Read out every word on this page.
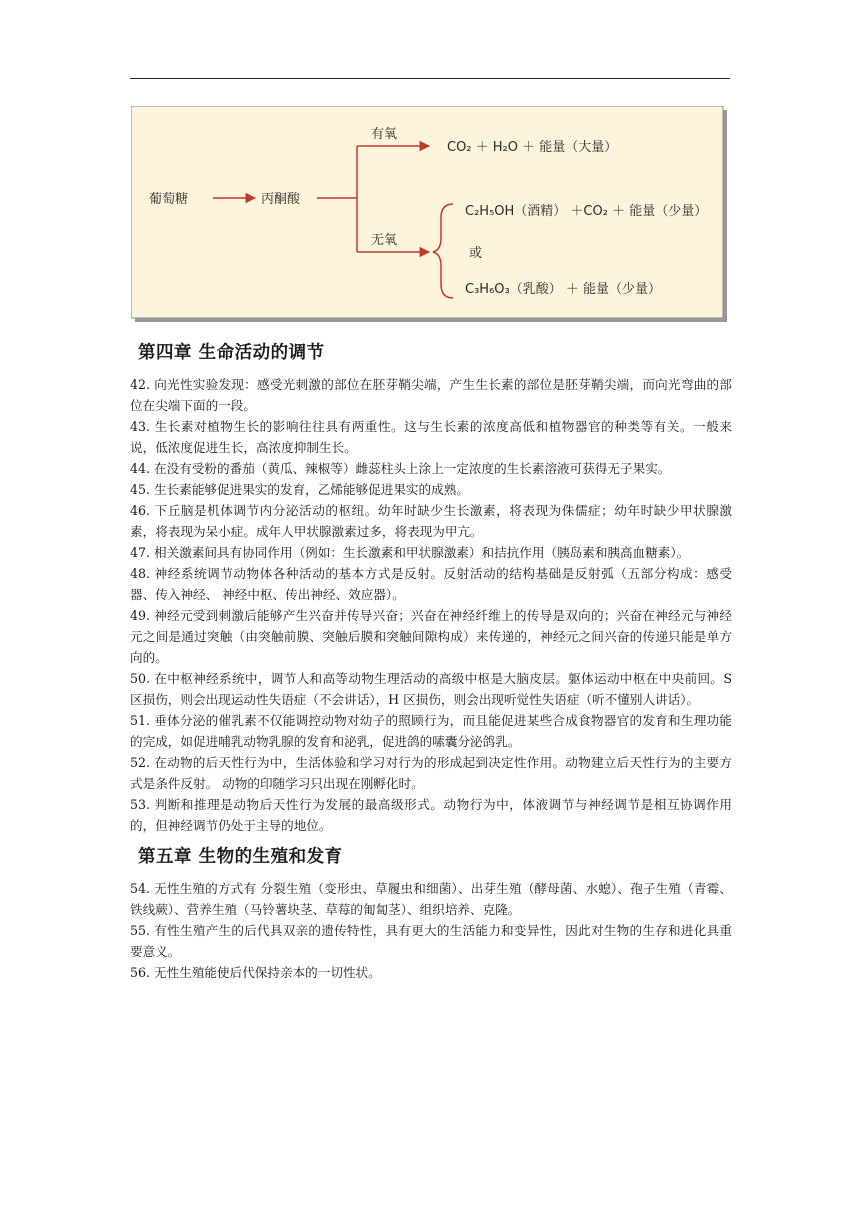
葡萄糖	丙酮酸
有氧
无氧
CO₂ ＋ H₂O ＋ 能量（大量）
C₂H₅OH（酒精） ＋CO₂ ＋ 能量（少量）
或
C₃H₆O₃（乳酸） ＋ 能量（少量）
第四章 生命活动的调节

42. 向光性实验发现：感受光刺激的部位在胚芽鞘尖端，产生生长素的部位是胚芽鞘尖端，而向光弯曲的部位在尖端下面的一段。

43. 生长素对植物生长的影响往往具有两重性。这与生长素的浓度高低和植物器官的种类等有关。一般来说，低浓度促进生长，高浓度抑制生长。

44. 在没有受粉的番茄（黄瓜、辣椒等）雌蕊柱头上涂上一定浓度的生长素溶液可获得无子果实。

45. 生长素能够促进果实的发育，乙烯能够促进果实的成熟。

46. 下丘脑是机体调节内分泌活动的枢纽。幼年时缺少生长激素，将表现为侏儒症；幼年时缺少甲状腺激素，将表现为呆小症。成年人甲状腺激素过多，将表现为甲亢。

47. 相关激素间具有协同作用（例如：生长激素和甲状腺激素）和拮抗作用（胰岛素和胰高血糖素）。

48. 神经系统调节动物体各种活动的基本方式是反射。反射活动的结构基础是反射弧（五部分构成：感受器、传入神经、 神经中枢、传出神经、效应器）。

49. 神经元受到刺激后能够产生兴奋并传导兴奋；兴奋在神经纤维上的传导是双向的；兴奋在神经元与神经元之间是通过突触（由突触前膜、突触后膜和突触间隙构成）来传递的，神经元之间兴奋的传递只能是单方向的。

50. 在中枢神经系统中，调节人和高等动物生理活动的高级中枢是大脑皮层。躯体运动中枢在中央前回。S 区损伤，则会出现运动性失语症（不会讲话），H 区损伤，则会出现听觉性失语症（听不懂别人讲话）。

51. 垂体分泌的催乳素不仅能调控动物对幼子的照顾行为，而且能促进某些合成食物器官的发育和生理功能的完成，如促进哺乳动物乳腺的发育和泌乳，促进鸽的嗉囊分泌鸽乳。

52. 在动物的后天性行为中，生活体验和学习对行为的形成起到决定性作用。动物建立后天性行为的主要方式是条件反射。 动物的印随学习只出现在刚孵化时。

53. 判断和推理是动物后天性行为发展的最高级形式。动物行为中，体液调节与神经调节是相互协调作用的，但神经调节仍处于主导的地位。

第五章 生物的生殖和发育

54. 无性生殖的方式有 分裂生殖（变形虫、草履虫和细菌）、出芽生殖（酵母菌、水螅）、孢子生殖（青霉、铁线蕨）、营养生殖（马铃薯块茎、草莓的匍匐茎）、组织培养、克隆。

55. 有性生殖产生的后代具双亲的遗传特性，具有更大的生活能力和变异性，因此对生物的生存和进化具重要意义。

56. 无性生殖能使后代保持亲本的一切性状。
